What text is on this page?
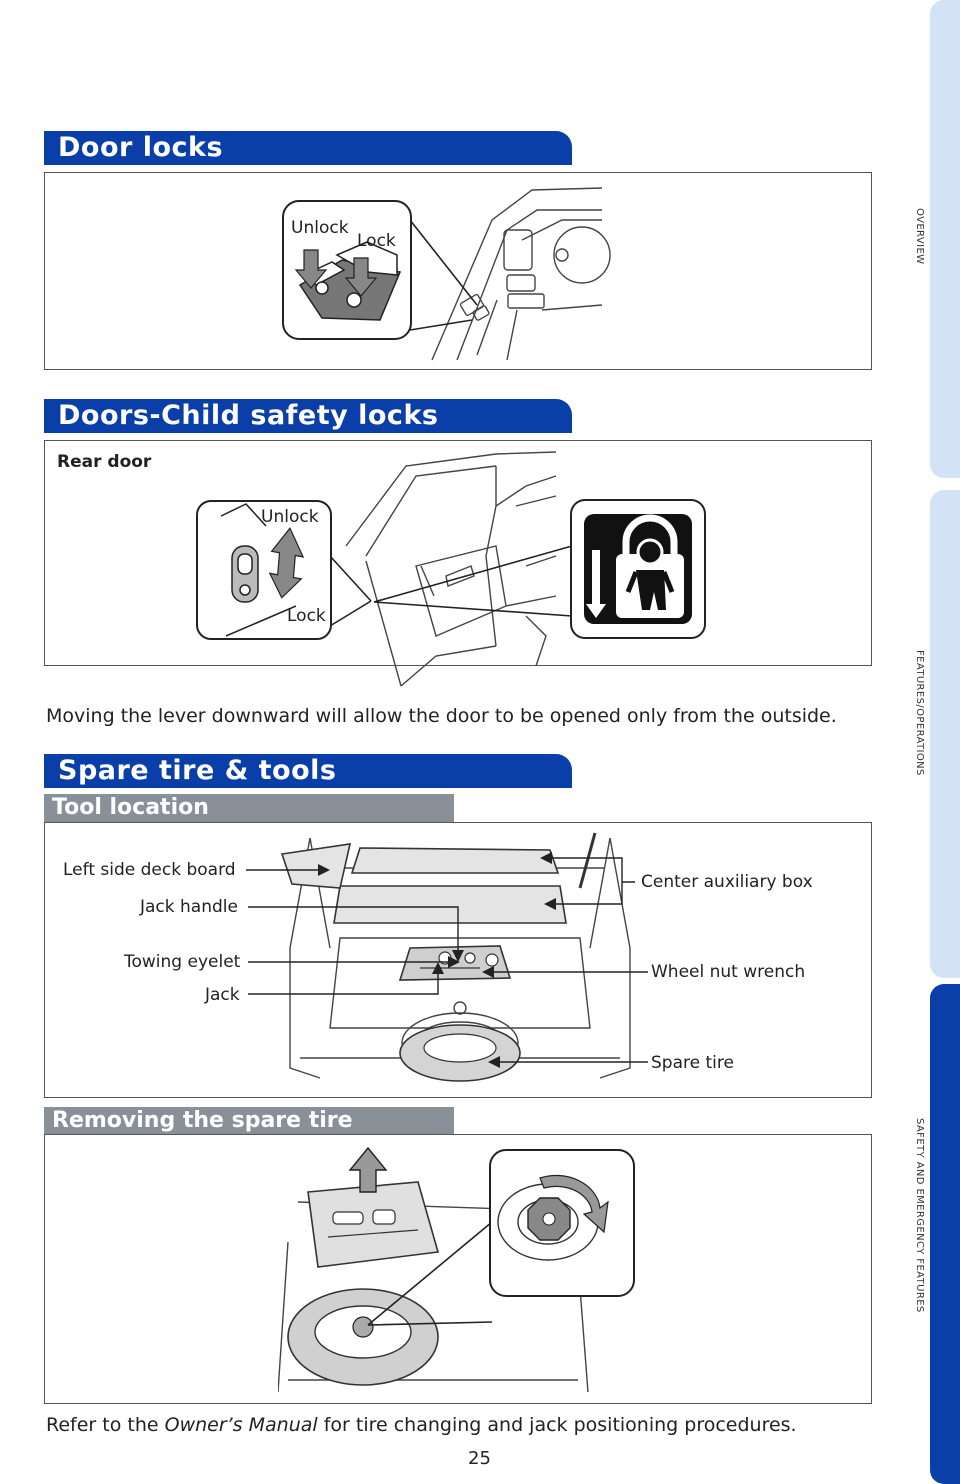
OVERVIEW
FEATURES/OPERATIONS
SAFETY AND EMERGENCY FEATURES
Door locks
Unlock
Lock
Doors-Child safety locks
Rear door
Unlock
Lock
Moving the lever downward will allow the door to be opened only from the outside.
Spare tire & tools
Tool location
Left side deck board
Jack handle
Towing eyelet
Jack
Center auxiliary box
Wheel nut wrench
Spare tire
Removing the spare tire
Refer to the Owner’s Manual for tire changing and jack positioning procedures.
25
